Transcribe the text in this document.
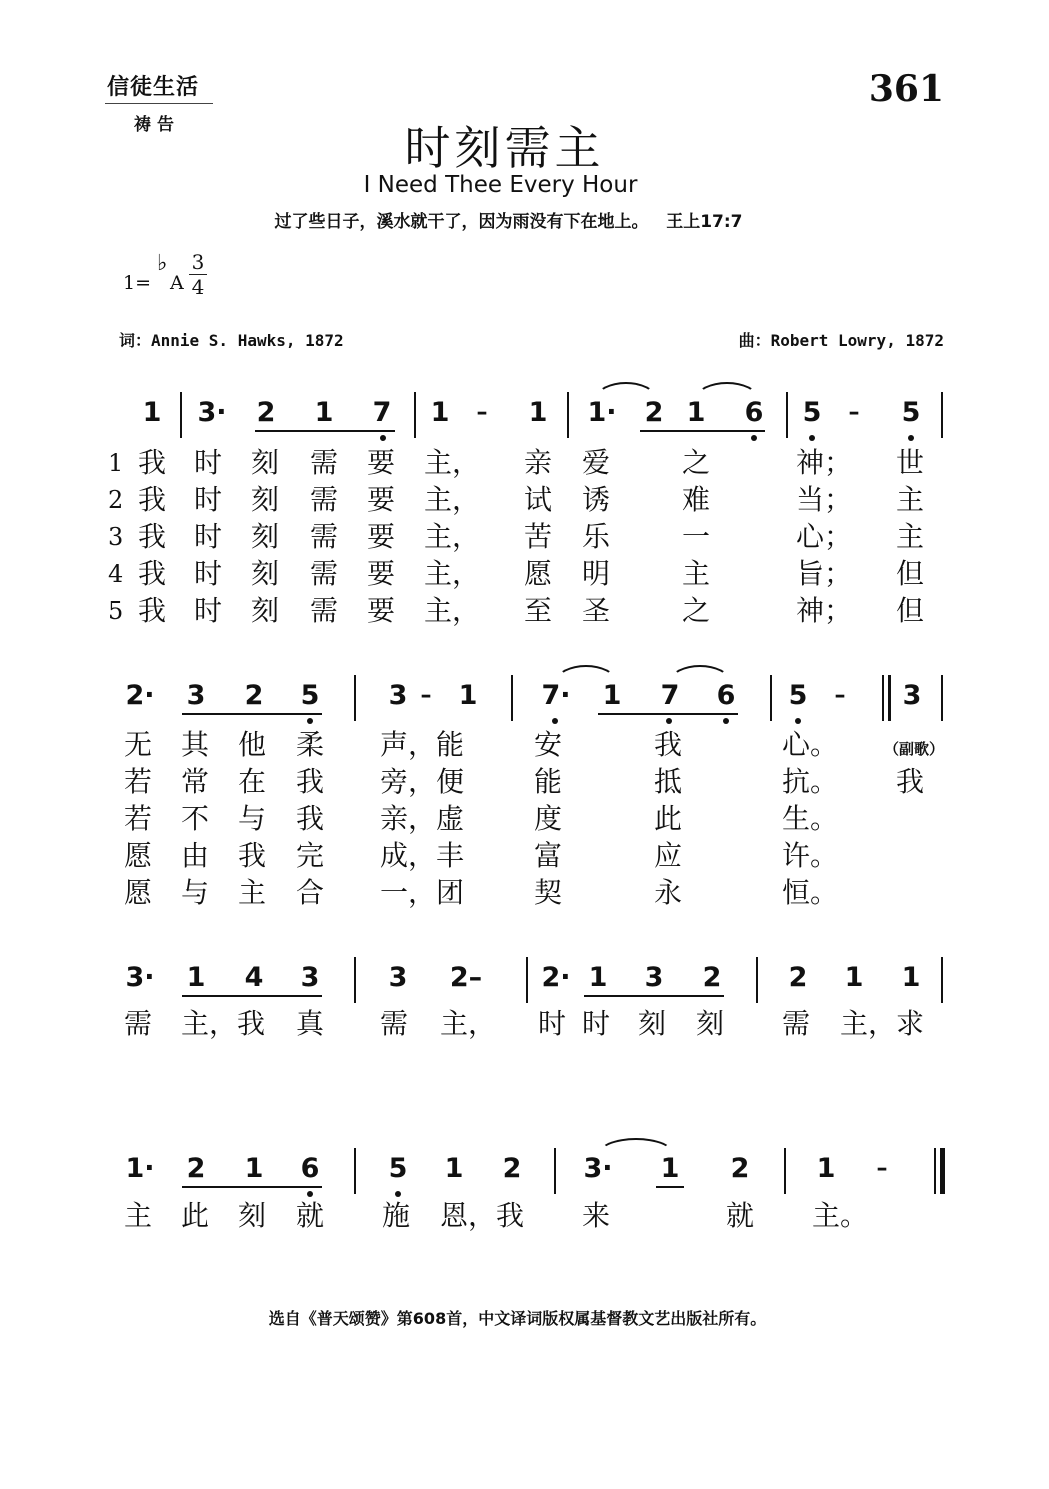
信徒生活
祷告
361
时刻需主
I Need Thee Every Hour
过了些日子，溪水就干了，因为雨没有下在地上。   王上17:7
1=
♭
A
3
4
词：Annie S. Hawks, 1872	曲：Robert Lowry, 1872
1 3· 2 1 7 1	– 1 1· 2 1 6 5	– 5
1 我 时 刻 需 要 主， 亲 爱	之	神； 世
2 我 时 刻 需 要 主， 试 诱	难	当； 主
3 我 时 刻 需 要 主， 苦 乐	一	心； 主
4 我 时 刻 需 要 主， 愿 明	主	旨； 但
5 我 时 刻 需 要 主， 至 圣	之	神； 但
2· 3 2 5	3 – 1 7· 1 7 6 5	– 3
无 其 他 柔 声，能 安	我	心。	（副歌）
若 常 在 我 旁，便 能	抵	抗。 我
若 不 与 我 亲，虚 度	此	生。
愿 由 我 完 成，丰 富	应	许。
愿 与 主 合 一，团 契	永	恒。
3· 1 4 3	3	2–	2· 1 3 2 2 1 1
需 主，我 真 需 主， 时 时 刻 刻 需 主，求
1· 2 1 6	5 1 2 3· 1 2 1	–
主 此 刻 就 施 恩，我 来	就 主。
选自《普天颂赞》第608首，中文译词版权属基督教文艺出版社所有。
